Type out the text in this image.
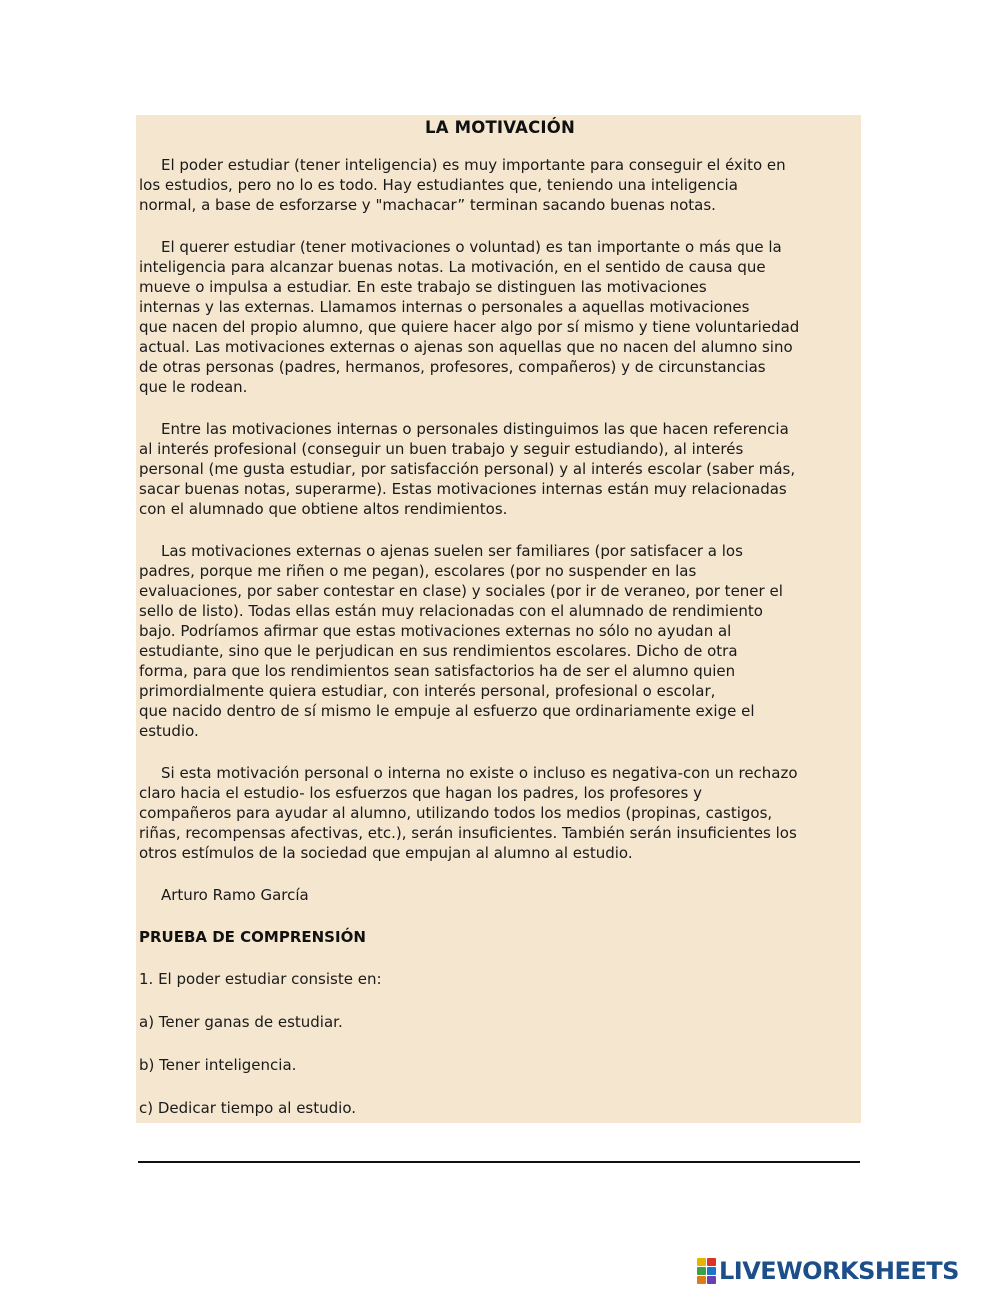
LA MOTIVACIÓN
El poder estudiar (tener inteligencia) es muy importante para conseguir el éxito en
los estudios, pero no lo es todo. Hay estudiantes que, teniendo una inteligencia
normal, a base de esforzarse y "machacar” terminan sacando buenas notas.
El querer estudiar (tener motivaciones o voluntad) es tan importante o más que la
inteligencia para alcanzar buenas notas. La motivación, en el sentido de causa que
mueve o impulsa a estudiar. En este trabajo se distinguen las motivaciones
internas y las externas. Llamamos internas o personales a aquellas motivaciones
que nacen del propio alumno, que quiere hacer algo por sí mismo y tiene voluntariedad
actual. Las motivaciones externas o ajenas son aquellas que no nacen del alumno sino
de otras personas (padres, hermanos, profesores, compañeros) y de circunstancias
que le rodean.
Entre las motivaciones internas o personales distinguimos las que hacen referencia
al interés profesional (conseguir un buen trabajo y seguir estudiando), al interés
personal (me gusta estudiar, por satisfacción personal) y al interés escolar (saber más,
sacar buenas notas, superarme). Estas motivaciones internas están muy relacionadas
con el alumnado que obtiene altos rendimientos.
Las motivaciones externas o ajenas suelen ser familiares (por satisfacer a los
padres, porque me riñen o me pegan), escolares (por no suspender en las
evaluaciones, por saber contestar en clase) y sociales (por ir de veraneo, por tener el
sello de listo). Todas ellas están muy relacionadas con el alumnado de rendimiento
bajo. Podríamos afirmar que estas motivaciones externas no sólo no ayudan al
estudiante, sino que le perjudican en sus rendimientos escolares. Dicho de otra
forma, para que los rendimientos sean satisfactorios ha de ser el alumno quien
primordialmente quiera estudiar, con interés personal, profesional o escolar,
que nacido dentro de sí mismo le empuje al esfuerzo que ordinariamente exige el
estudio.
Si esta motivación personal o interna no existe o incluso es negativa-con un rechazo
claro hacia el estudio- los esfuerzos que hagan los padres, los profesores y
compañeros para ayudar al alumno, utilizando todos los medios (propinas, castigos,
riñas, recompensas afectivas, etc.), serán insuficientes. También serán insuficientes los
otros estímulos de la sociedad que empujan al alumno al estudio.
Arturo Ramo García
PRUEBA DE COMPRENSIÓN
1. El poder estudiar consiste en:
a) Tener ganas de estudiar.
b) Tener inteligencia.
c) Dedicar tiempo al estudio.
LIVEWORKSHEETS
